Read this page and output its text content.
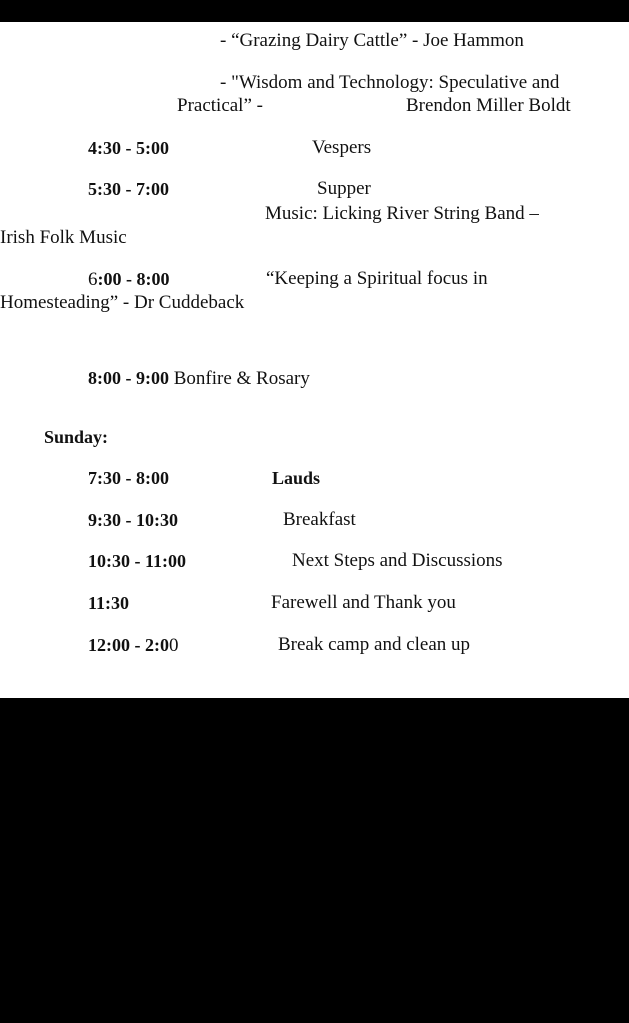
- “Grazing Dairy Cattle” - Joe Hammon
- "Wisdom and Technology: Speculative and
Practical” -	Brendon Miller Boldt
4:30 - 5:00	Vespers
5:30 - 7:00	Supper
Music: Licking River String Band –
Irish Folk Music
6:00 - 8:00	“Keeping a Spiritual focus in
Homesteading” - Dr Cuddeback
8:00 - 9:00 Bonfire & Rosary
Sunday:
7:30 - 8:00	Lauds
9:30 - 10:30	Breakfast
10:30 - 11:00	Next Steps and Discussions
11:30	Farewell and Thank you
12:00 - 2:00	Break camp and clean up
